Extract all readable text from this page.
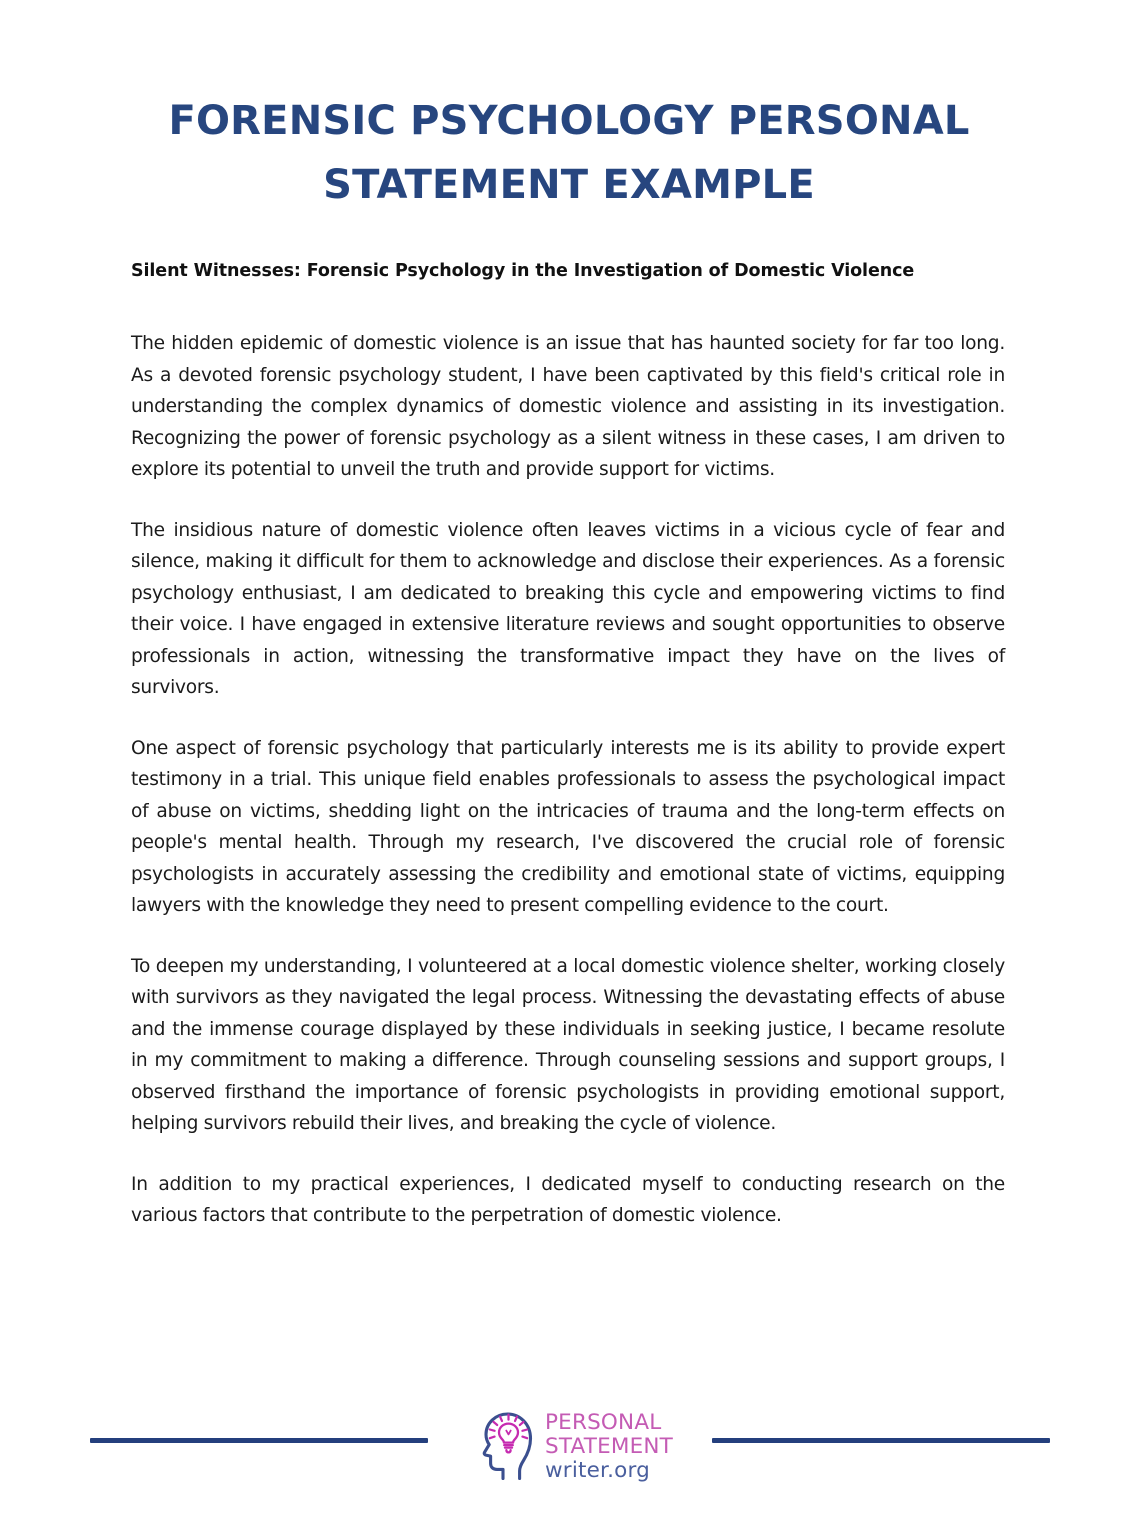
FORENSIC PSYCHOLOGY PERSONAL
STATEMENT EXAMPLE

Silent Witnesses: Forensic Psychology in the Investigation of Domestic Violence

The hidden epidemic of domestic violence is an issue that has haunted society for far too long. As a devoted forensic psychology student, I have been captivated by this field's critical role in understanding the complex dynamics of domestic violence and assisting in its investigation. Recognizing the power of forensic psychology as a silent witness in these cases, I am driven to explore its potential to unveil the truth and provide support for victims.

The insidious nature of domestic violence often leaves victims in a vicious cycle of fear and silence, making it difficult for them to acknowledge and disclose their experiences. As a forensic psychology enthusiast, I am dedicated to breaking this cycle and empowering victims to find their voice. I have engaged in extensive literature reviews and sought opportunities to observe professionals in action, witnessing the transformative impact they have on the lives of survivors.

One aspect of forensic psychology that particularly interests me is its ability to provide expert testimony in a trial. This unique field enables professionals to assess the psychological impact of abuse on victims, shedding light on the intricacies of trauma and the long-term effects on people's mental health. Through my research, I've discovered the crucial role of forensic psychologists in accurately assessing the credibility and emotional state of victims, equipping lawyers with the knowledge they need to present compelling evidence to the court.

To deepen my understanding, I volunteered at a local domestic violence shelter, working closely with survivors as they navigated the legal process. Witnessing the devastating effects of abuse and the immense courage displayed by these individuals in seeking justice, I became resolute in my commitment to making a difference. Through counseling sessions and support groups, I observed firsthand the importance of forensic psychologists in providing emotional support, helping survivors rebuild their lives, and breaking the cycle of violence.

In addition to my practical experiences, I dedicated myself to conducting research on the various factors that contribute to the perpetration of domestic violence.

PERSONAL
STATEMENT
writer.org
